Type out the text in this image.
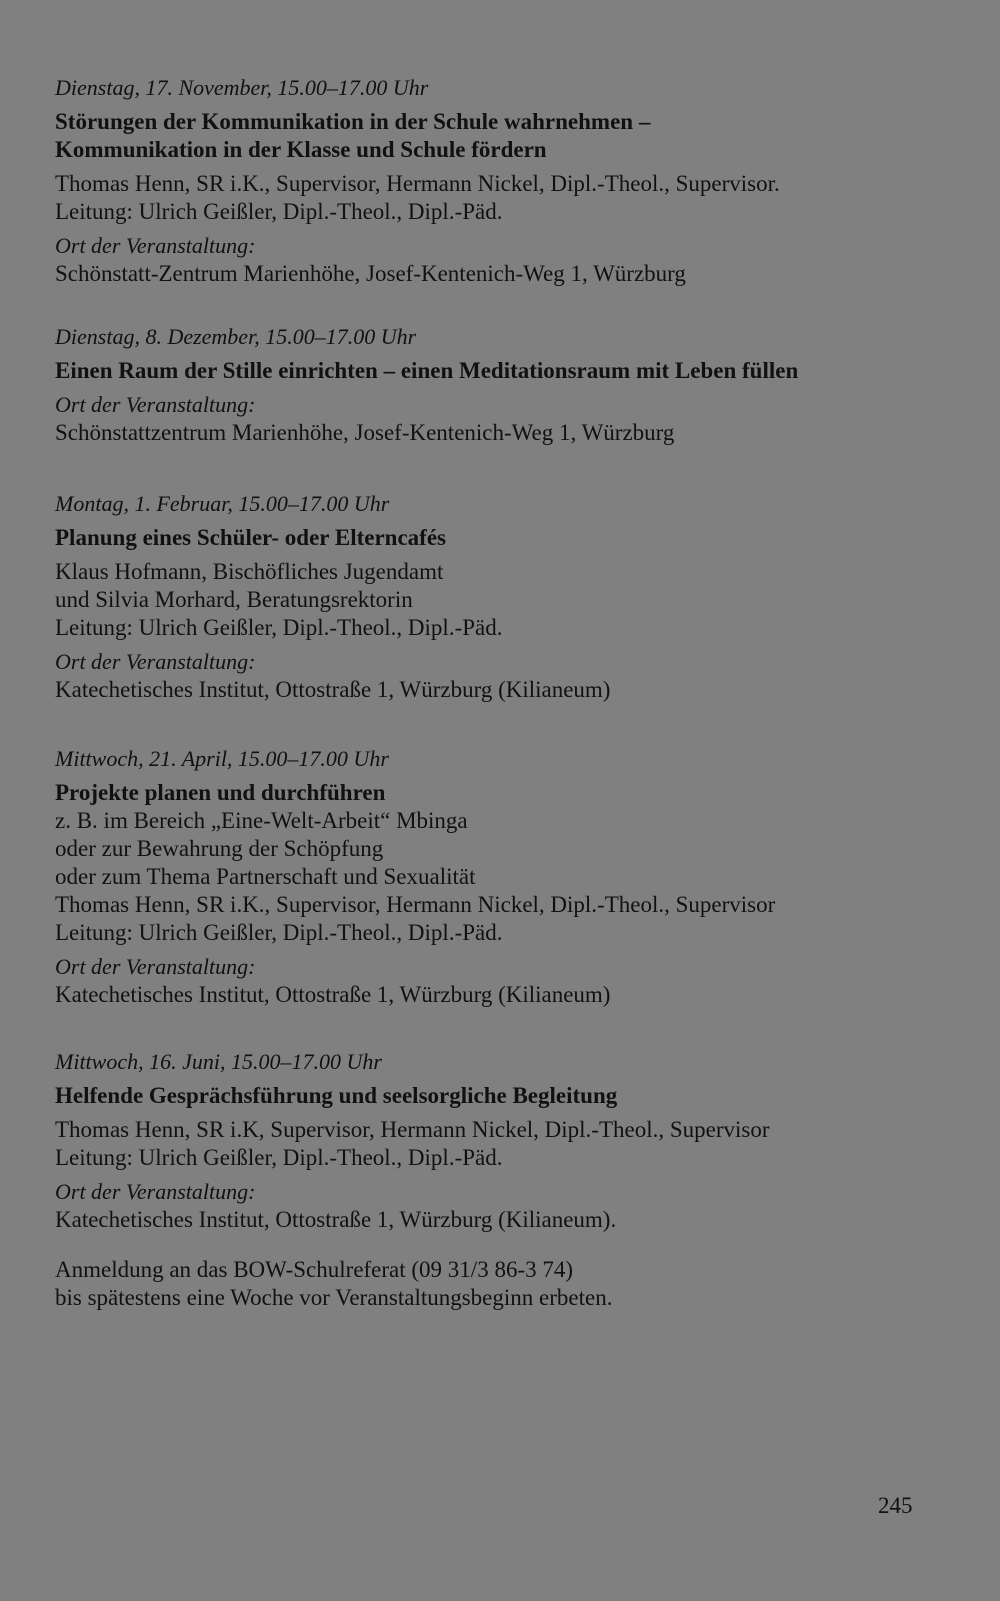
Dienstag, 17. November, 15.00–17.00 Uhr
Störungen der Kommunikation in der Schule wahrnehmen –
Kommunikation in der Klasse und Schule fördern
Thomas Henn, SR i.K., Supervisor, Hermann Nickel, Dipl.-Theol., Supervisor.
Leitung: Ulrich Geißler, Dipl.-Theol., Dipl.-Päd.
Ort der Veranstaltung:
Schönstatt-Zentrum Marienhöhe, Josef-Kentenich-Weg 1, Würzburg
Dienstag, 8. Dezember, 15.00–17.00 Uhr
Einen Raum der Stille einrichten – einen Meditationsraum mit Leben füllen
Ort der Veranstaltung:
Schönstattzentrum Marienhöhe, Josef-Kentenich-Weg 1, Würzburg
Montag, 1. Februar, 15.00–17.00 Uhr
Planung eines Schüler- oder Elterncafés
Klaus Hofmann, Bischöfliches Jugendamt
und Silvia Morhard, Beratungsrektorin
Leitung: Ulrich Geißler, Dipl.-Theol., Dipl.-Päd.
Ort der Veranstaltung:
Katechetisches Institut, Ottostraße 1, Würzburg (Kilianeum)
Mittwoch, 21. April, 15.00–17.00 Uhr
Projekte planen und durchführen
z. B. im Bereich „Eine-Welt-Arbeit“ Mbinga
oder zur Bewahrung der Schöpfung
oder zum Thema Partnerschaft und Sexualität
Thomas Henn, SR i.K., Supervisor, Hermann Nickel, Dipl.-Theol., Supervisor
Leitung: Ulrich Geißler, Dipl.-Theol., Dipl.-Päd.
Ort der Veranstaltung:
Katechetisches Institut, Ottostraße 1, Würzburg (Kilianeum)
Mittwoch, 16. Juni, 15.00–17.00 Uhr
Helfende Gesprächsführung und seelsorgliche Begleitung
Thomas Henn, SR i.K, Supervisor, Hermann Nickel, Dipl.-Theol., Supervisor
Leitung: Ulrich Geißler, Dipl.-Theol., Dipl.-Päd.
Ort der Veranstaltung:
Katechetisches Institut, Ottostraße 1, Würzburg (Kilianeum).
Anmeldung an das BOW-Schulreferat (09 31/3 86-3 74)
bis spätestens eine Woche vor Veranstaltungsbeginn erbeten.
245
